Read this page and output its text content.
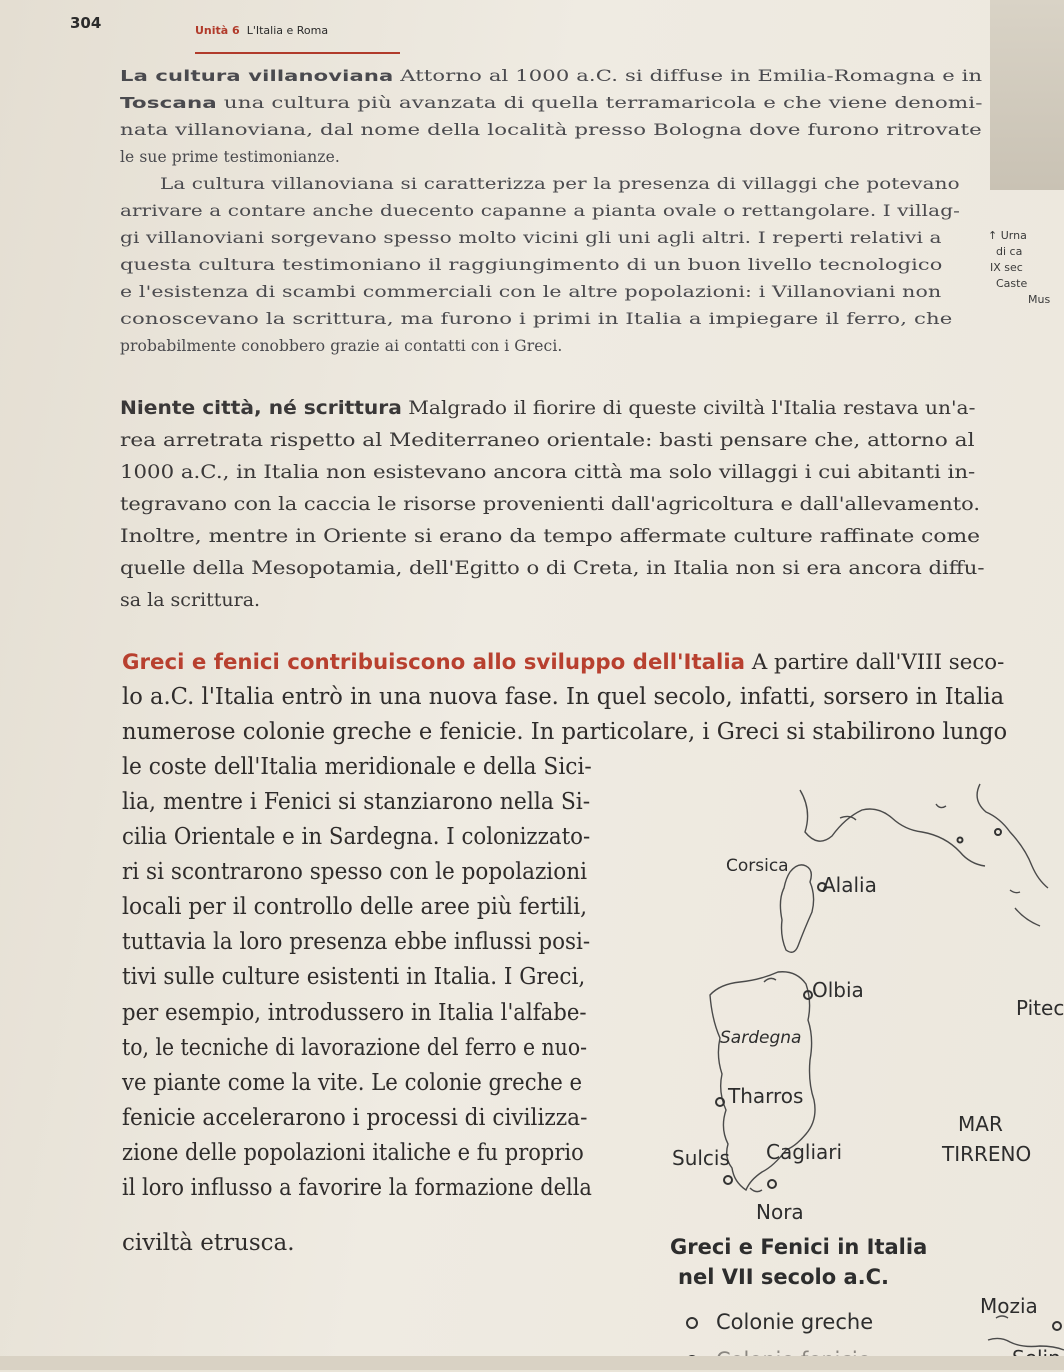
304	Unità 6 L'Italia e Roma
↑ Urna
di ca
IX sec
Caste
Mus
La cultura villanoviana Attorno al 1000 a.C. si diffuse in Emilia-Romagna e in
Toscana una cultura più avanzata di quella terramaricola e che viene denomi-
nata villanoviana, dal nome della località presso Bologna dove furono ritrovate
le sue prime testimonianze.
La cultura villanoviana si caratterizza per la presenza di villaggi che potevano
arrivare a contare anche duecento capanne a pianta ovale o rettangolare. I villag-
gi villanoviani sorgevano spesso molto vicini gli uni agli altri. I reperti relativi a
questa cultura testimoniano il raggiungimento di un buon livello tecnologico
e l'esistenza di scambi commerciali con le altre popolazioni: i Villanoviani non
conoscevano la scrittura, ma furono i primi in Italia a impiegare il ferro, che
probabilmente conobbero grazie ai contatti con i Greci.
Niente città, né scrittura Malgrado il fiorire di queste civiltà l'Italia restava un'a-
rea arretrata rispetto al Mediterraneo orientale: basti pensare che, attorno al
1000 a.C., in Italia non esistevano ancora città ma solo villaggi i cui abitanti in-
tegravano con la caccia le risorse provenienti dall'agricoltura e dall'allevamento.
Inoltre, mentre in Oriente si erano da tempo affermate culture raffinate come
quelle della Mesopotamia, dell'Egitto o di Creta, in Italia non si era ancora diffu-
sa la scrittura.
Greci e fenici contribuiscono allo sviluppo dell'Italia A partire dall'VIII seco-
lo a.C. l'Italia entrò in una nuova fase. In quel secolo, infatti, sorsero in Italia
numerose colonie greche e fenicie. In particolare, i Greci si stabilirono lungo
le coste dell'Italia meridionale e della Sici-
lia, mentre i Fenici si stanziarono nella Si-
cilia Orientale e in Sardegna. I colonizzato-
ri si scontrarono spesso con le popolazioni
locali per il controllo delle aree più fertili,
tuttavia la loro presenza ebbe influssi posi-
tivi sulle culture esistenti in Italia. I Greci,
per esempio, introdussero in Italia l'alfabe-
to, le tecniche di lavorazione del ferro e nuo-
ve piante come la vite. Le colonie greche e
fenicie accelerarono i processi di civilizza-
zione delle popolazioni italiche e fu proprio
il loro influsso a favorire la formazione della
civiltà etrusca.
Corsica
Alalia
Olbia
Sardegna
Tharros
Sulcis Cagliari
Nora
MAR
TIRRENO
Pitec
Mozia
Greci e Fenici in Italia
nel VII secolo a.C.
Colonie greche
